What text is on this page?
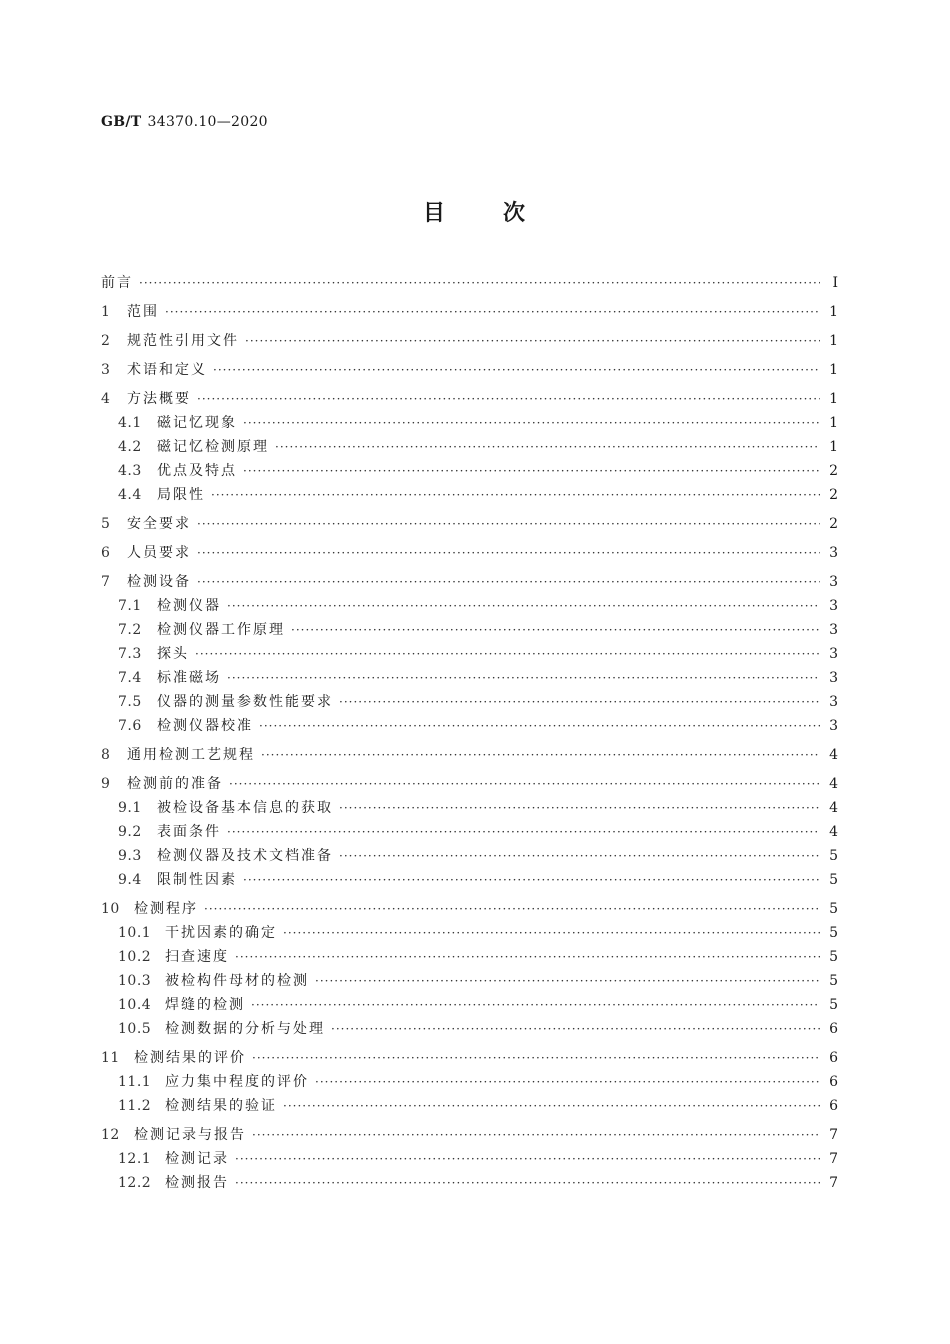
GB/T 34370.10—2020
目	次
前言 ·····	I
1	范围 ·····	1
2	规范性引用文件 ·····	1
3	术语和定义 ·····	1
4	方法概要 ·····	1
4.1	磁记忆现象 ·····	1
4.2	磁记忆检测原理 ·····	1
4.3	优点及特点 ·····	2
4.4	局限性 ·····	2
5	安全要求 ·····	2
6	人员要求 ·····	3
7	检测设备 ·····	3
7.1	检测仪器 ·····	3
7.2	检测仪器工作原理 ·····	3
7.3	探头 ·····	3
7.4	标准磁场 ·····	3
7.5	仪器的测量参数性能要求 ·····	3
7.6	检测仪器校准 ·····	3
8	通用检测工艺规程 ·····	4
9	检测前的准备 ·····	4
9.1	被检设备基本信息的获取 ·····	4
9.2	表面条件 ·····	4
9.3	检测仪器及技术文档准备 ·····	5
9.4	限制性因素 ·····	5
10	检测程序 ·····	5
10.1 干扰因素的确定 ·····	5
10.2 扫查速度 ·····	5
10.3 被检构件母材的检测 ·····	5
10.4 焊缝的检测 ·····	5
10.5 检测数据的分析与处理 ·····	6
11	检测结果的评价 ·····	6
11.1 应力集中程度的评价 ·····	6
11.2 检测结果的验证 ·····	6
12	检测记录与报告 ·····	7
12.1 检测记录 ·····	7
12.2 检测报告 ·····	7
